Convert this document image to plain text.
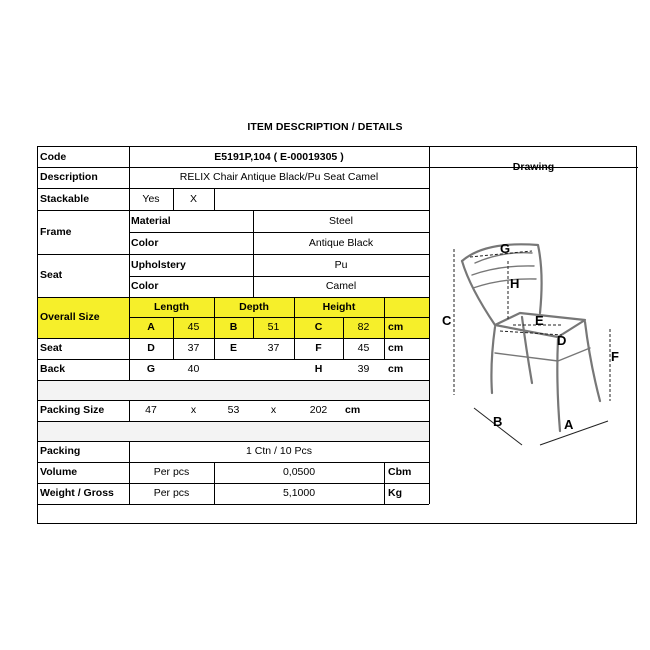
ITEM DESCRIPTION / DETAILS
Code	E5191P,104 ( E-00019305 )
Drawing
Description	RELIX Chair Antique Black/Pu Seat Camel
Stackable	Yes	X
Frame
Material	Steel
Color	Antique Black
Seat
Upholstery	Pu
Color	Camel
Overall Size
Length	Depth	Height
A	45	B	51	C	82	cm
Seat	D	37	E	37	F	45	cm
Back	G	40	H	39	cm
Packing Size	47	x	53	x	202	cm
Packing	1 Ctn / 10 Pcs
Volume	Per pcs	0,0500	Cbm
Weight / Gross	Per pcs	5,1000	Kg
G
H
C	E
D
F
B	A
